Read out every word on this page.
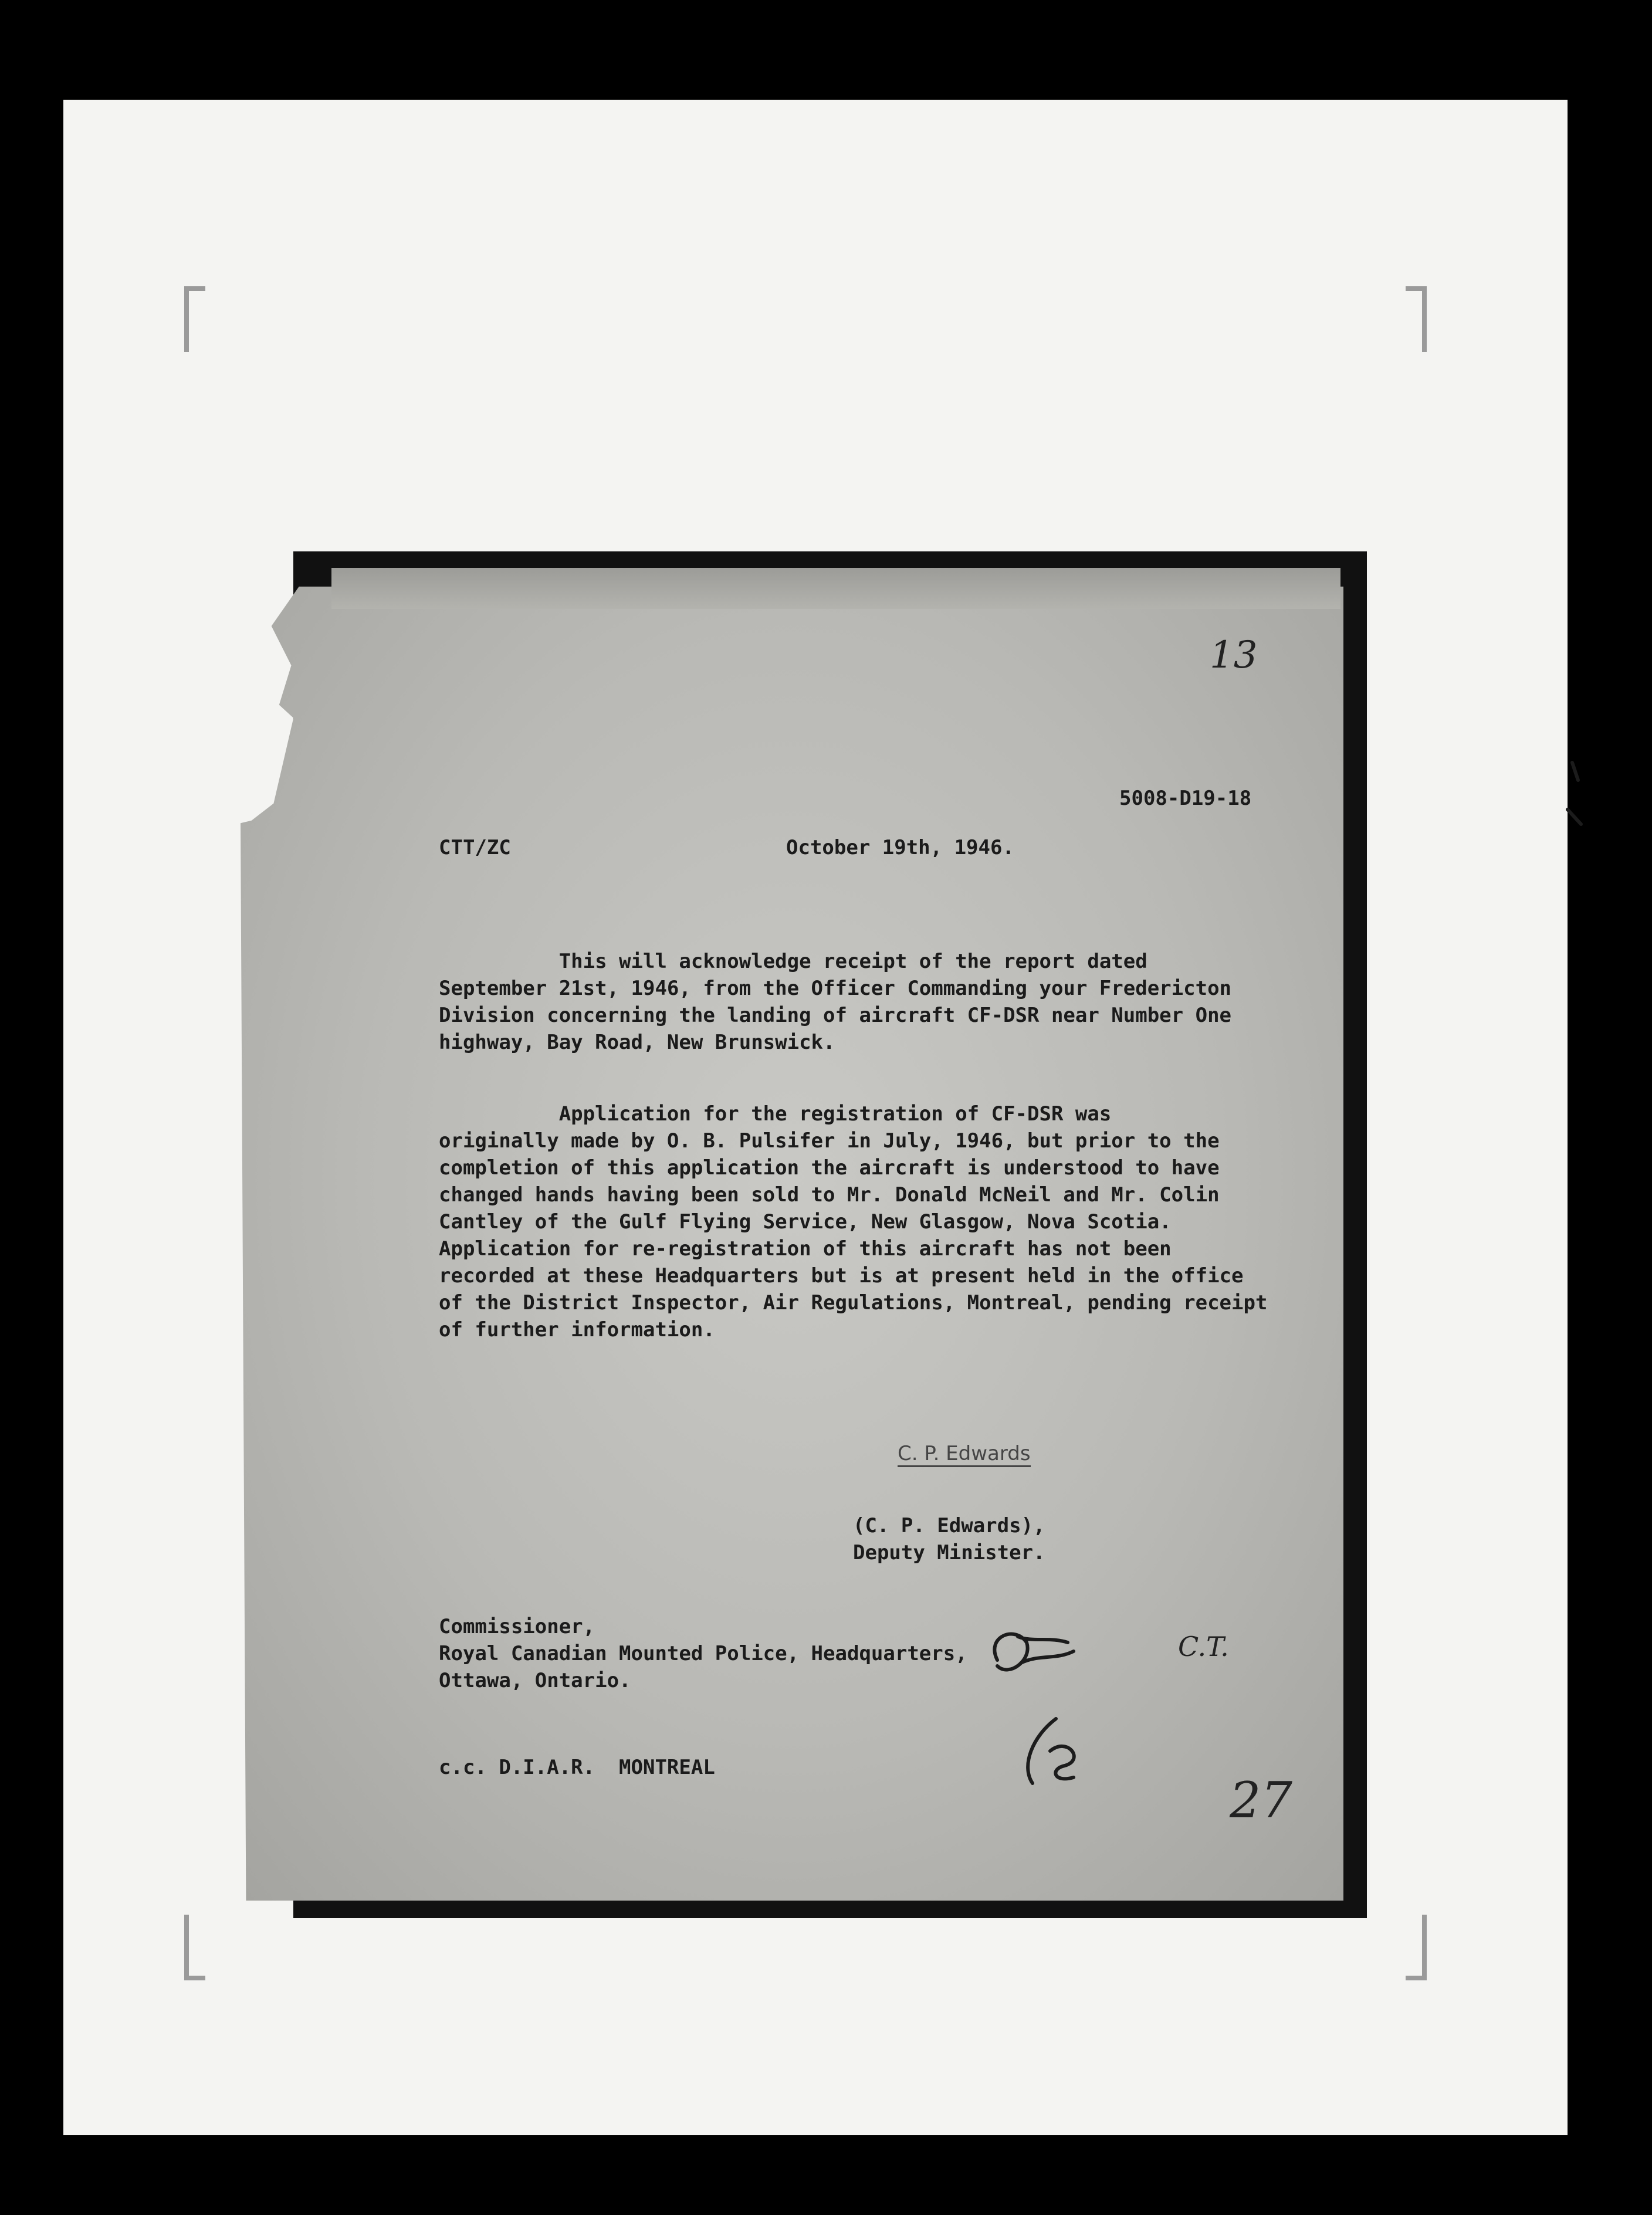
13
5008-D19-18
CTT/ZC	October 19th, 1946.
This will acknowledge receipt of the report dated
September 21st, 1946, from the Officer Commanding your Fredericton
Division concerning the landing of aircraft CF-DSR near Number One
highway, Bay Road, New Brunswick.
Application for the registration of CF-DSR was
originally made by O. B. Pulsifer in July, 1946, but prior to the
completion of this application the aircraft is understood to have
changed hands having been sold to Mr. Donald McNeil and Mr. Colin
Cantley of the Gulf Flying Service, New Glasgow, Nova Scotia.
Application for re-registration of this aircraft has not been
recorded at these Headquarters but is at present held in the office
of the District Inspector, Air Regulations, Montreal, pending receipt
of further information.
C. P. Edwards
(C. P. Edwards),
Deputy Minister.
Commissioner,
Royal Canadian Mounted Police, Headquarters,
Ottawa, Ontario.
c.c. D.I.A.R.  MONTREAL
C.T.
27
